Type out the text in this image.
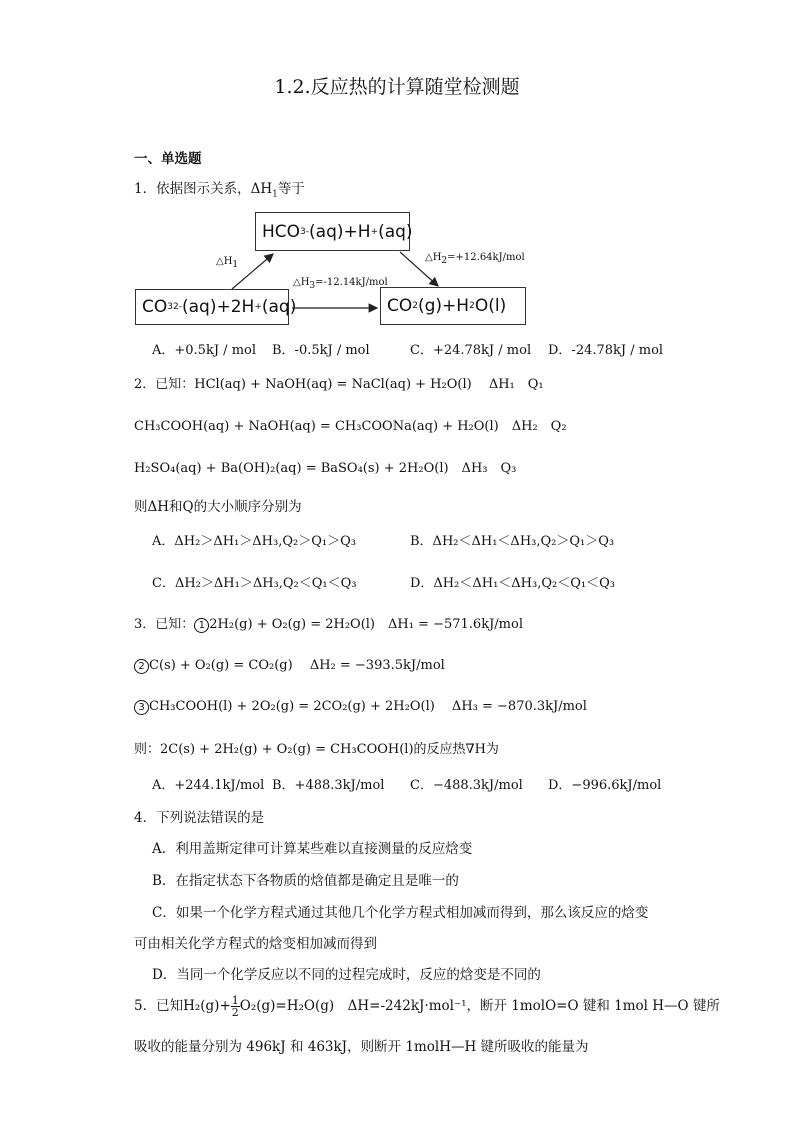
1.2.反应热的计算随堂检测题
一、单选题
1．依据图示关系，$\Delta H_1$等于
HCO 3 - (aq)+H + (aq)
CO 3 2- (aq)+2H + (aq)	CO 2 (g)+H 2 O(l)
$\triangle H_1$
$\triangle H_2=+12.64kJ$/mol
$\triangle H_3=-12.14kJ$/mol
A．+0.5kJ / mol B．-0.5kJ / mol	C．+24.78kJ / mol D．-24.78kJ / mol
2．已知：HCl(aq) + NaOH(aq) = NaCl(aq) + H₂O(l)　 ΔH₁　Q₁
CH₃COOH(aq) + NaOH(aq) = CH₃COONa(aq) + H₂O(l)　ΔH₂　Q₂
H₂SO₄(aq) + Ba(OH)₂(aq) = BaSO₄(s) + 2H₂O(l)　ΔH₃　Q₃
则ΔH和Q的大小顺序分别为
A．ΔH₂＞ΔH₁＞ΔH₃,Q₂＞Q₁＞Q₃	B．ΔH₂＜ΔH₁＜ΔH₃,Q₂＞Q₁＞Q₃
C．ΔH₂＞ΔH₁＞ΔH₃,Q₂＜Q₁＜Q₃	D．ΔH₂＜ΔH₁＜ΔH₃,Q₂＜Q₁＜Q₃
3．已知： 1 2H₂(g) + O₂(g) = 2H₂O(l)　ΔH₁ = −571.6kJ/mol
2 C(s) + O₂(g) = CO₂(g)　 ΔH₂ = −393.5kJ/mol
3 CH₃COOH(l) + 2O₂(g) = 2CO₂(g) + 2H₂O(l)　 ΔH₃ = −870.3kJ/mol
则：2C(s) + 2H₂(g) + O₂(g) = CH₃COOH(l)的反应热∇H为
A．+244.1kJ/mol B．+488.3kJ/mol C．−488.3kJ/mol D．−996.6kJ/mol
4．下列说法错误的是
A．利用盖斯定律可计算某些难以直接测量的反应焓变
B．在指定状态下各物质的焓值都是确定且是唯一的
C．如果一个化学方程式通过其他几个化学方程式相加减而得到，那么该反应的焓变
可由相关化学方程式的焓变相加减而得到
D．当同一个化学反应以不同的过程完成时，反应的焓变是不同的
5．已知$H_2(g)+ \frac{1}{2} O_2(g)=H_2O(g)$　ΔH=-242kJ·mol⁻¹，断开 1molO=O 键和 1mol H—O 键所
吸收的能量分别为 496kJ 和 463kJ，则断开 1molH—H 键所吸收的能量为
